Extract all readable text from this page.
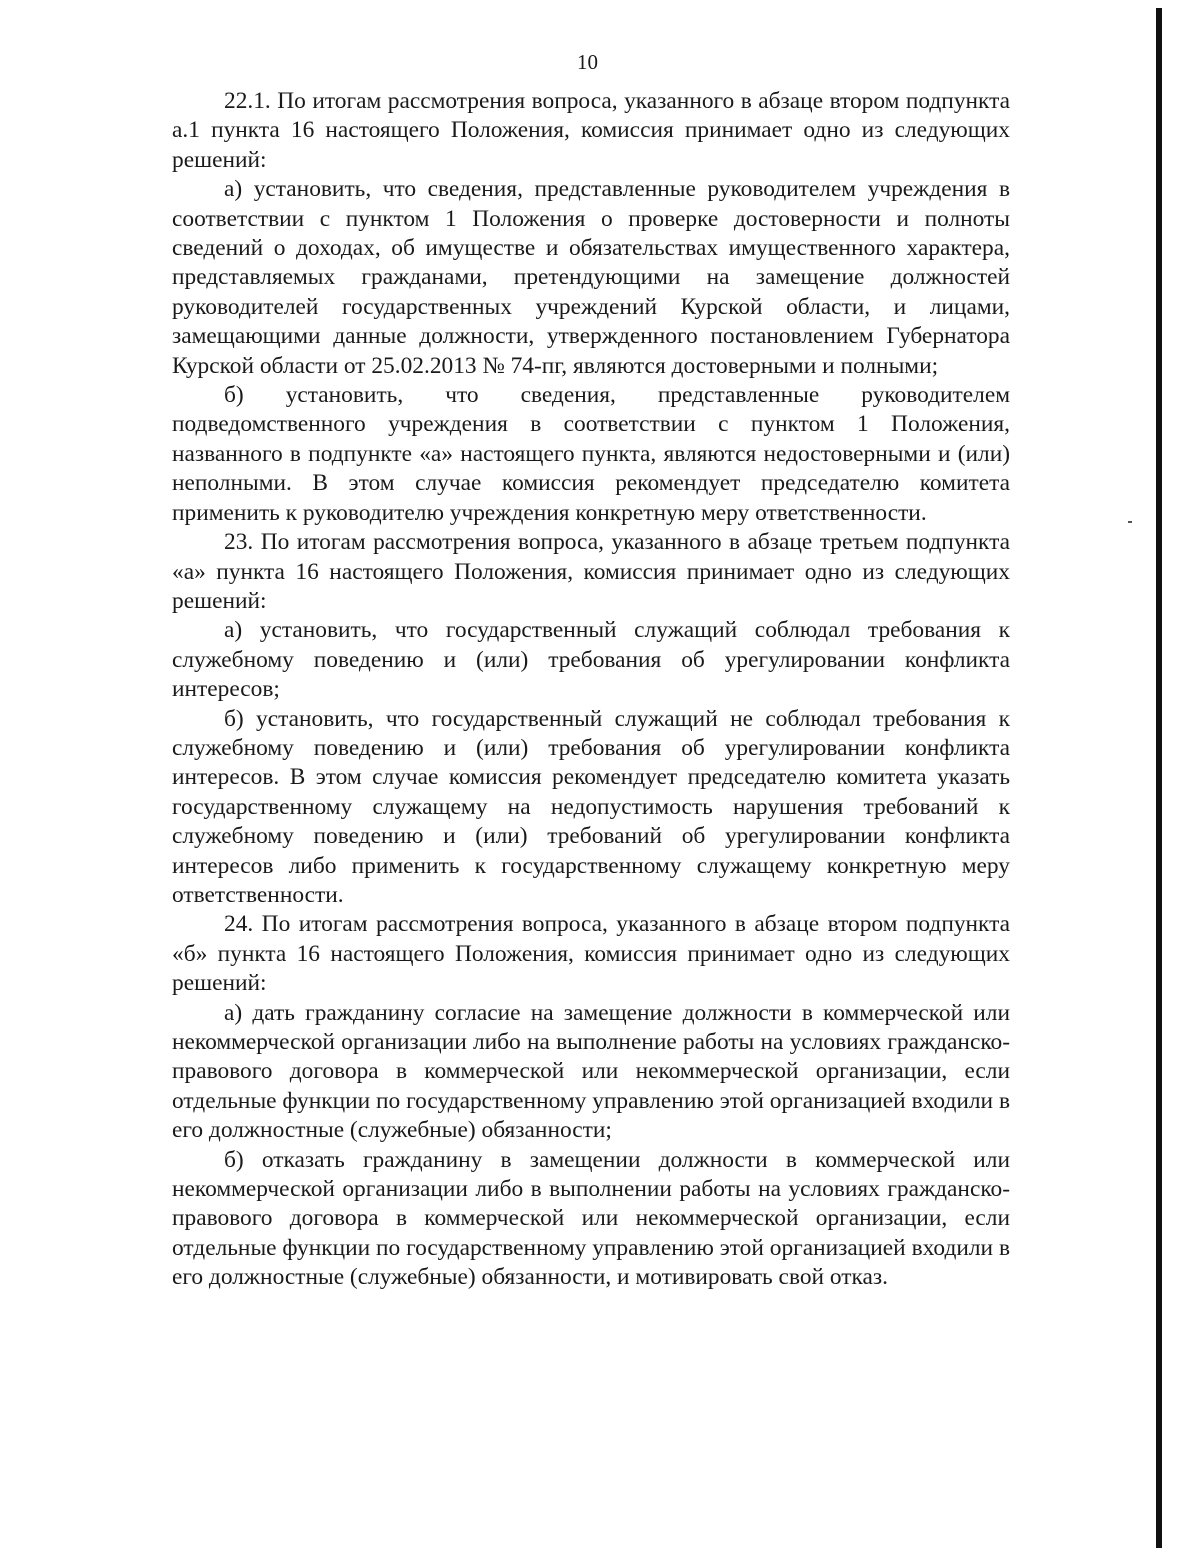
10

22.1. По итогам рассмотрения вопроса, указанного в абзаце втором подпункта а.1 пункта 16 настоящего Положения, комиссия принимает одно из следующих решений:

а) установить, что сведения, представленные руководителем учреждения в соответствии с пунктом 1 Положения о проверке достоверности и полноты сведений о доходах, об имуществе и обязательствах имущественного характера, представляемых гражданами, претендующими на замещение должностей руководителей государственных учреждений Курской области, и лицами, замещающими данные должности, утвержденного постановлением Губернатора Курской области от 25.02.2013 № 74-пг, являются достоверными и полными;

б) установить, что сведения, представленные руководителем подведомственного учреждения в соответствии с пунктом 1 Положения, названного в подпункте «а» настоящего пункта, являются недостоверными и (или) неполными. В этом случае комиссия рекомендует председателю комитета применить к руководителю учреждения конкретную меру ответственности.

23. По итогам рассмотрения вопроса, указанного в абзаце третьем подпункта «а» пункта 16 настоящего Положения, комиссия принимает одно из следующих решений:

а) установить, что государственный служащий соблюдал требования к служебному поведению и (или) требования об урегулировании конфликта интересов;

б) установить, что государственный служащий не соблюдал требования к служебному поведению и (или) требования об урегулировании конфликта интересов. В этом случае комиссия рекомендует председателю комитета указать государственному служащему на недопустимость нарушения требований к служебному поведению и (или) требований об урегулировании конфликта интересов либо применить к государственному служащему конкретную меру ответственности.

24. По итогам рассмотрения вопроса, указанного в абзаце втором подпункта «б» пункта 16 настоящего Положения, комиссия принимает одно из следующих решений:

а) дать гражданину согласие на замещение должности в коммерческой или некоммерческой организации либо на выполнение работы на условиях гражданско-правового договора в коммерческой или некоммерческой организации, если отдельные функции по государственному управлению этой организацией входили в его должностные (служебные) обязанности;

б) отказать гражданину в замещении должности в коммерческой или некоммерческой организации либо в выполнении работы на условиях гражданско-правового договора в коммерческой или некоммерческой организации, если отдельные функции по государственному управлению этой организацией входили в его должностные (служебные) обязанности, и мотивировать свой отказ.
